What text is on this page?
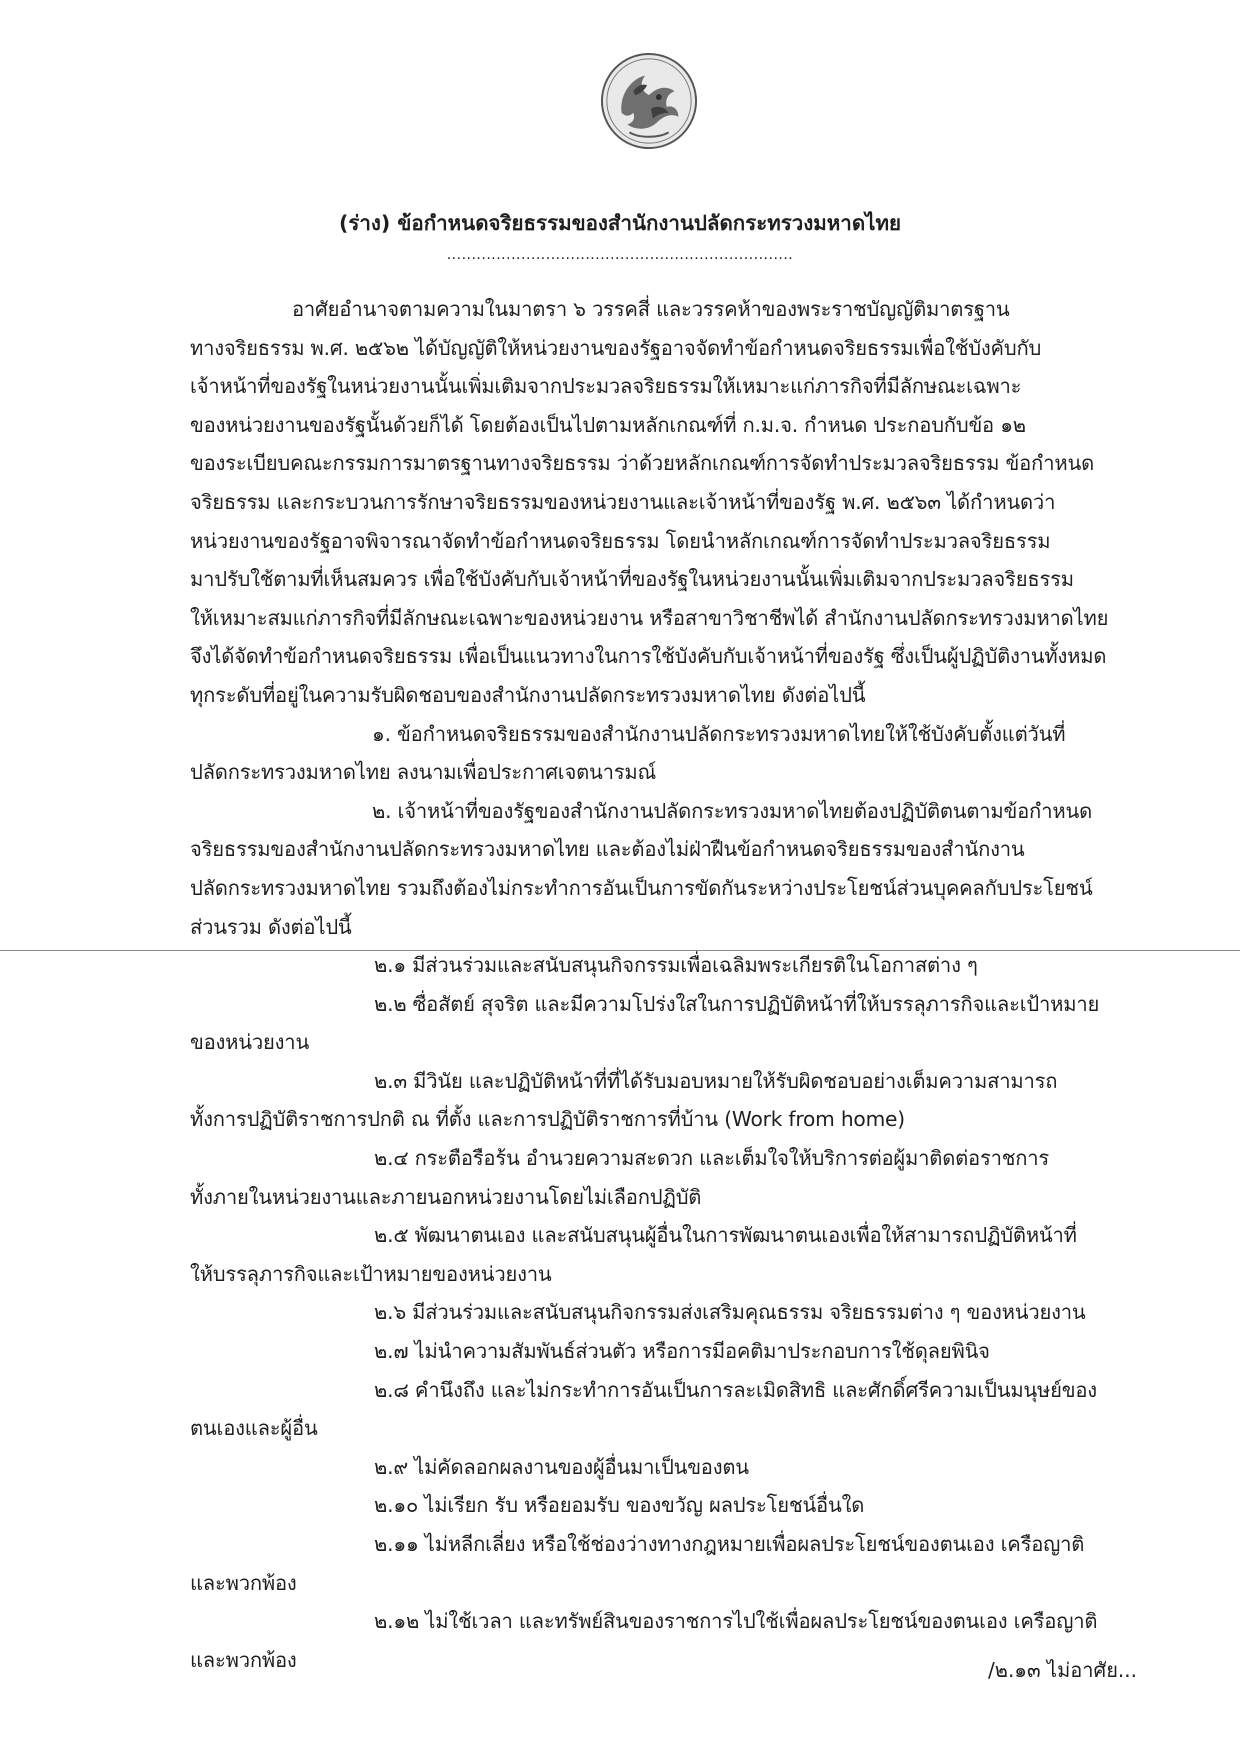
(ร่าง) ข้อกำหนดจริยธรรมของสำนักงานปลัดกระทรวงมหาดไทย
......................................................................
อาศัยอำนาจตามความในมาตรา ๖ วรรคสี่ และวรรคห้าของพระราชบัญญัติมาตรฐาน
ทางจริยธรรม พ.ศ. ๒๕๖๒ ได้บัญญัติให้หน่วยงานของรัฐอาจจัดทำข้อกำหนดจริยธรรมเพื่อใช้บังคับกับ
เจ้าหน้าที่ของรัฐในหน่วยงานนั้นเพิ่มเติมจากประมวลจริยธรรมให้เหมาะแก่ภารกิจที่มีลักษณะเฉพาะ
ของหน่วยงานของรัฐนั้นด้วยก็ได้ โดยต้องเป็นไปตามหลักเกณฑ์ที่ ก.ม.จ. กำหนด ประกอบกับข้อ ๑๒
ของระเบียบคณะกรรมการมาตรฐานทางจริยธรรม ว่าด้วยหลักเกณฑ์การจัดทำประมวลจริยธรรม ข้อกำหนด
จริยธรรม และกระบวนการรักษาจริยธรรมของหน่วยงานและเจ้าหน้าที่ของรัฐ พ.ศ. ๒๕๖๓ ได้กำหนดว่า
หน่วยงานของรัฐอาจพิจารณาจัดทำข้อกำหนดจริยธรรม โดยนำหลักเกณฑ์การจัดทำประมวลจริยธรรม
มาปรับใช้ตามที่เห็นสมควร เพื่อใช้บังคับกับเจ้าหน้าที่ของรัฐในหน่วยงานนั้นเพิ่มเติมจากประมวลจริยธรรม
ให้เหมาะสมแก่ภารกิจที่มีลักษณะเฉพาะของหน่วยงาน หรือสาขาวิชาชีพได้ สำนักงานปลัดกระทรวงมหาดไทย
จึงได้จัดทำข้อกำหนดจริยธรรม เพื่อเป็นแนวทางในการใช้บังคับกับเจ้าหน้าที่ของรัฐ ซึ่งเป็นผู้ปฏิบัติงานทั้งหมด
ทุกระดับที่อยู่ในความรับผิดชอบของสำนักงานปลัดกระทรวงมหาดไทย ดังต่อไปนี้
๑. ข้อกำหนดจริยธรรมของสำนักงานปลัดกระทรวงมหาดไทยให้ใช้บังคับตั้งแต่วันที่
ปลัดกระทรวงมหาดไทย ลงนามเพื่อประกาศเจตนารมณ์
๒. เจ้าหน้าที่ของรัฐของสำนักงานปลัดกระทรวงมหาดไทยต้องปฏิบัติตนตามข้อกำหนด
จริยธรรมของสำนักงานปลัดกระทรวงมหาดไทย และต้องไม่ฝ่าฝืนข้อกำหนดจริยธรรมของสำนักงาน
ปลัดกระทรวงมหาดไทย รวมถึงต้องไม่กระทำการอันเป็นการขัดกันระหว่างประโยชน์ส่วนบุคคลกับประโยชน์
ส่วนรวม ดังต่อไปนี้
๒.๑ มีส่วนร่วมและสนับสนุนกิจกรรมเพื่อเฉลิมพระเกียรติในโอกาสต่าง ๆ
๒.๒ ซื่อสัตย์ สุจริต และมีความโปร่งใสในการปฏิบัติหน้าที่ให้บรรลุภารกิจและเป้าหมาย
ของหน่วยงาน
๒.๓ มีวินัย และปฏิบัติหน้าที่ที่ได้รับมอบหมายให้รับผิดชอบอย่างเต็มความสามารถ
ทั้งการปฏิบัติราชการปกติ ณ ที่ตั้ง และการปฏิบัติราชการที่บ้าน (Work from home)
๒.๔ กระตือรือร้น อำนวยความสะดวก และเต็มใจให้บริการต่อผู้มาติดต่อราชการ
ทั้งภายในหน่วยงานและภายนอกหน่วยงานโดยไม่เลือกปฏิบัติ
๒.๕ พัฒนาตนเอง และสนับสนุนผู้อื่นในการพัฒนาตนเองเพื่อให้สามารถปฏิบัติหน้าที่
ให้บรรลุภารกิจและเป้าหมายของหน่วยงาน
๒.๖ มีส่วนร่วมและสนับสนุนกิจกรรมส่งเสริมคุณธรรม จริยธรรมต่าง ๆ ของหน่วยงาน
๒.๗ ไม่นำความสัมพันธ์ส่วนตัว หรือการมีอคติมาประกอบการใช้ดุลยพินิจ
๒.๘ คำนึงถึง และไม่กระทำการอันเป็นการละเมิดสิทธิ และศักดิ์ศรีความเป็นมนุษย์ของ
ตนเองและผู้อื่น
๒.๙ ไม่คัดลอกผลงานของผู้อื่นมาเป็นของตน
๒.๑๐ ไม่เรียก รับ หรือยอมรับ ของขวัญ ผลประโยชน์อื่นใด
๒.๑๑ ไม่หลีกเลี่ยง หรือใช้ช่องว่างทางกฎหมายเพื่อผลประโยชน์ของตนเอง เครือญาติ
และพวกพ้อง
๒.๑๒ ไม่ใช้เวลา และทรัพย์สินของราชการไปใช้เพื่อผลประโยชน์ของตนเอง เครือญาติ
และพวกพ้อง	/๒.๑๓ ไม่อาศัย...
